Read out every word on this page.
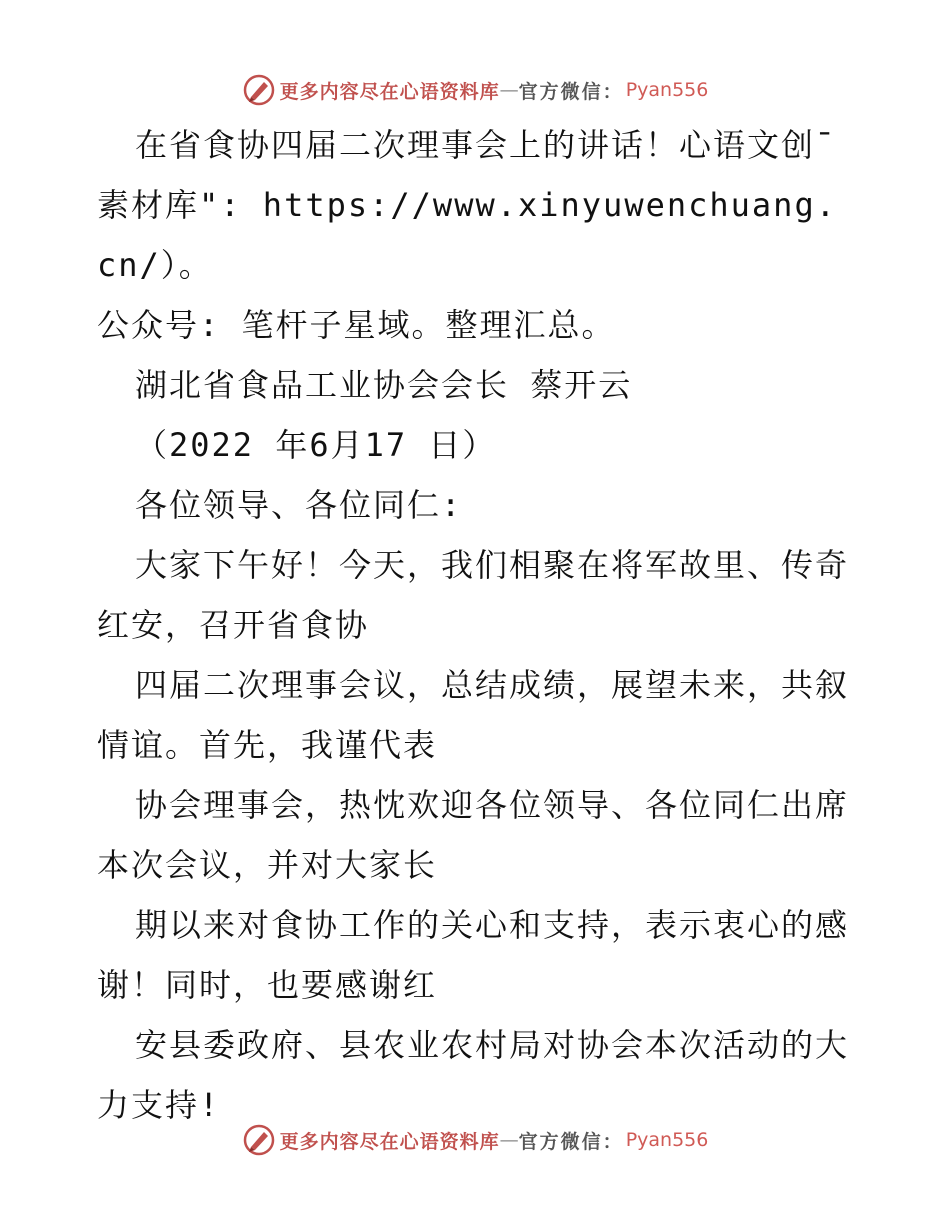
更多内容尽在心语资料库 — 官方微信： Pyan556

在省食协四届二次理事会上的讲话！心语文创¯

素材库": https://www.xinyuwenchuang.cn/）。

公众号: 笔杆子星域。整理汇总。

湖北省食品工业协会会长 蔡开云

（2022 年6月17 日）

各位领导、各位同仁:

大家下午好！今天，我们相聚在将军故里、传奇红安，召开省食协

四届二次理事会议，总结成绩，展望未来，共叙情谊。首先，我谨代表

协会理事会，热忱欢迎各位领导、各位同仁出席本次会议，并对大家长

期以来对食协工作的关心和支持，表示衷心的感谢！同时，也要感谢红

安县委政府、县农业农村局对协会本次活动的大力支持!

更多内容尽在心语资料库 — 官方微信： Pyan556
